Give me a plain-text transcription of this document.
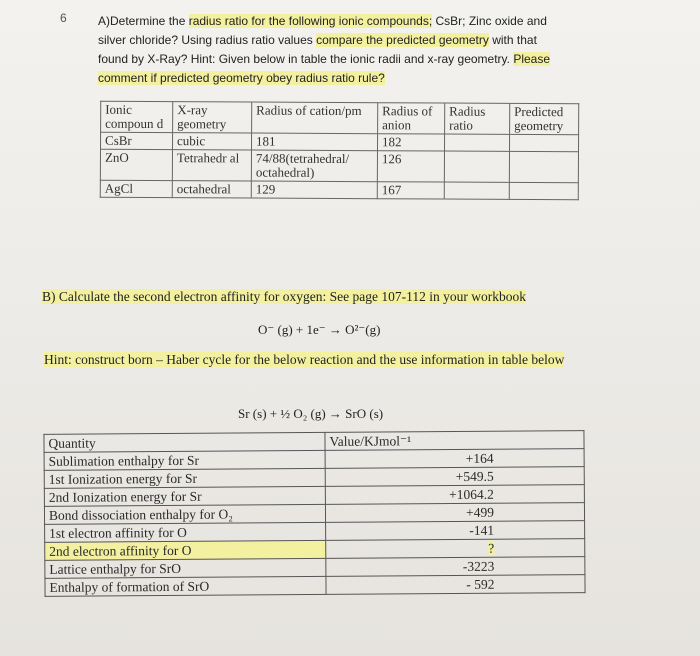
6	A)Determine the radius ratio for the following ionic compounds; CsBr; Zinc oxide and silver chloride? Using radius ratio values compare the predicted geometry with that found by X-Ray? Hint: Given below in table the ionic radii and x-ray geometry. Please comment if predicted geometry obey radius ratio rule?
Ionic compoun d	X-ray geometry	Radius of cation/pm	Radius of anion	Radius ratio	Predicted geometry
CsBr	cubic	181	182		
ZnO	Tetrahedr al	74/88(tetrahedral/ octahedral)	126		
AgCl	octahedral	129	167		
B) Calculate the second electron affinity for oxygen: See page 107-112 in your workbook
O⁻ (g) + 1e⁻ → O²⁻(g)
Hint: construct born – Haber cycle for the below reaction and the use information in table below
Sr (s) + ½ O₂ (g) → SrO (s)
Quantity	Value/KJmol⁻¹
Sublimation enthalpy for Sr	+164
1st Ionization energy for Sr	+549.5
2nd Ionization energy for Sr	+1064.2
Bond dissociation enthalpy for O₂	+499
1st electron affinity for O	-141
2nd electron affinity for O	?
Lattice enthalpy for SrO	-3223
Enthalpy of formation of SrO	- 592
